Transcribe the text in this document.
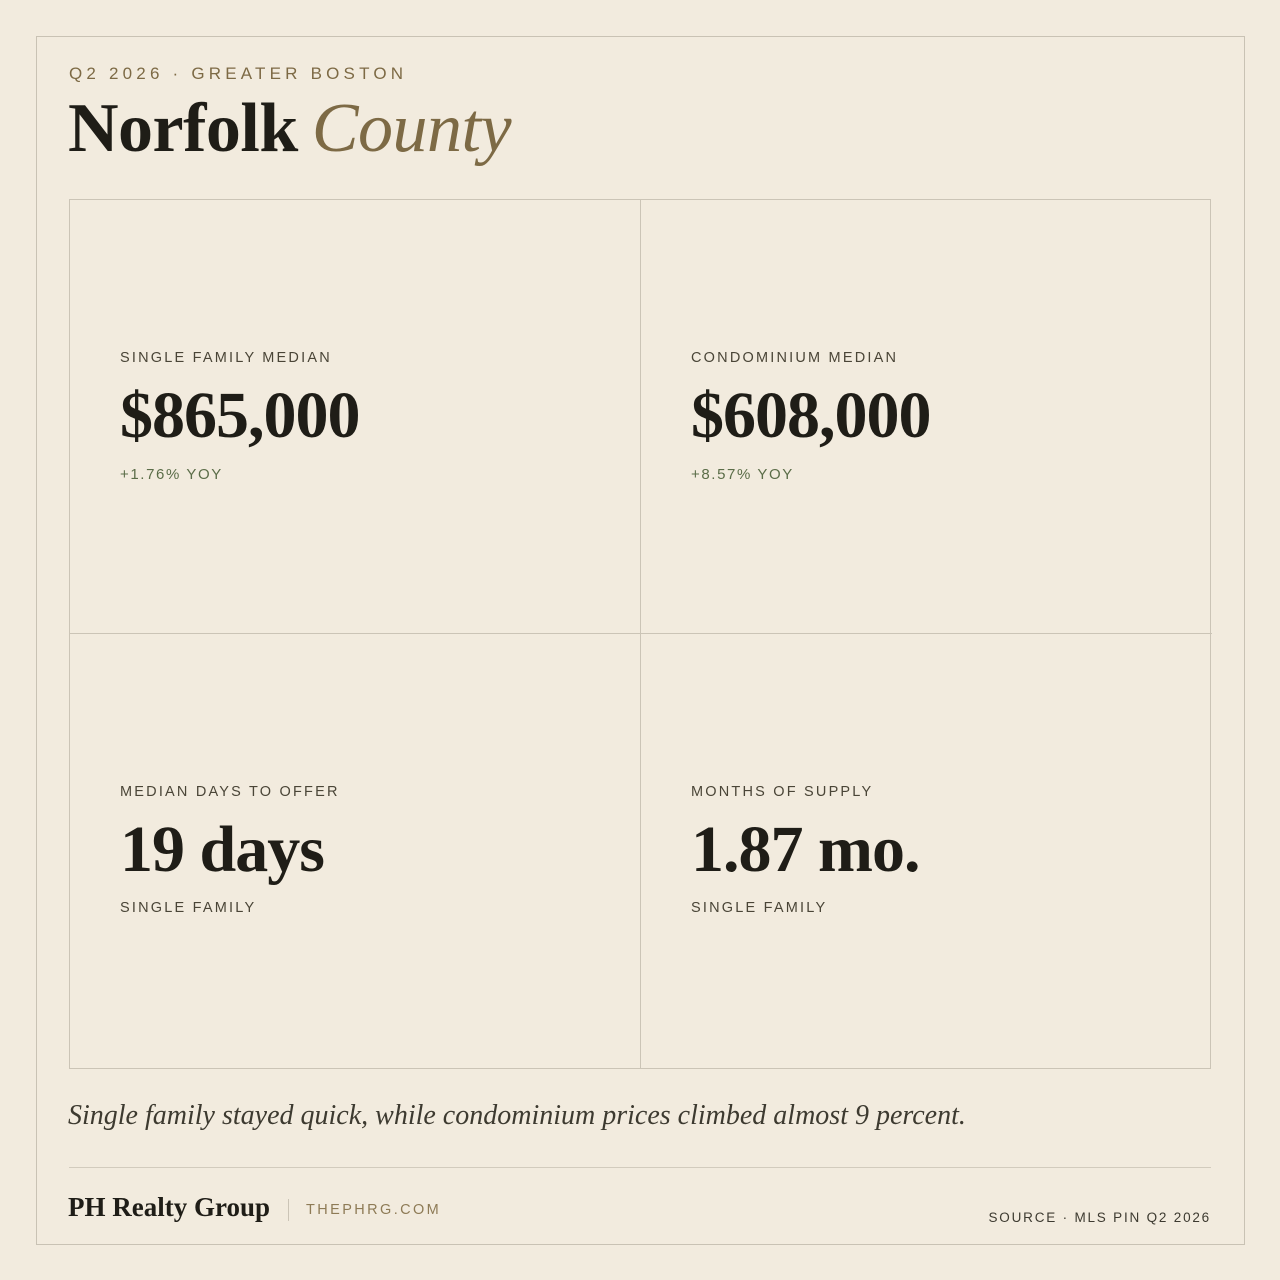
Q2 2026 · GREATER BOSTON
Norfolk County
SINGLE FAMILY MEDIAN
$865,000
+1.76% YOY
CONDOMINIUM MEDIAN
$608,000
+8.57% YOY
MEDIAN DAYS TO OFFER
19 days
SINGLE FAMILY
MONTHS OF SUPPLY
1.87 mo.
SINGLE FAMILY
Single family stayed quick, while condominium prices climbed almost 9 percent.
PH Realty Group THEPHRG.COM	SOURCE · MLS PIN Q2 2026
